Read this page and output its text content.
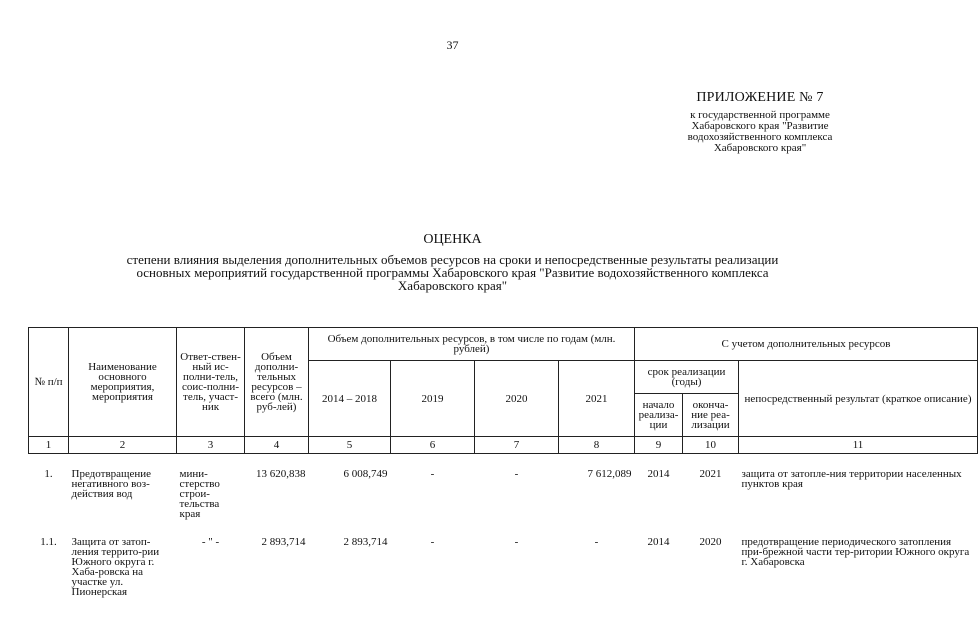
37
ПРИЛОЖЕНИЕ № 7
к государственной программе
Хабаровского края "Развитие
водохозяйственного комплекса
Хабаровского края"
ОЦЕНКА
степени влияния выделения дополнительных объемов ресурсов на сроки и непосредственные результаты реализации
основных мероприятий государственной программы Хабаровского края "Развитие водохозяйственного комплекса
Хабаровского края"
№ п/п	Наименование основного мероприятия, мероприятия	Ответ-ствен-ный ис-полни-тель, соис-полни-тель, участ-ник	Объем дополни-тельных ресурсов – всего (млн. руб-лей)	Объем дополнительных ресурсов, в том числе по годам (млн. рублей)				С учетом дополнительных ресурсов		
				2014 – 2018	2019	2020	2021	срок реализации (годы)		непосредственный результат (краткое описание)
								начало реализа-ции	оконча-ние реа-лизации	
1	2	3	4	5	6	7	8	9	10	11

1.	Предотвращение негативного воз-действия вод	мини-стерство строи-тельства края	13 620,838	6 008,749	-	-	7 612,089	2014	2021	защита от затопле-ния территории населенных пунктов края

1.1.	Защита от затоп-ления террито-рии Южного округа г. Хаба-ровска на участке ул. Пионерская	- " -	2 893,714	2 893,714	-	-	-	2014	2020	предотвращение периодического затопления при-брежной части тер-ритории Южного округа г. Хабаровска
